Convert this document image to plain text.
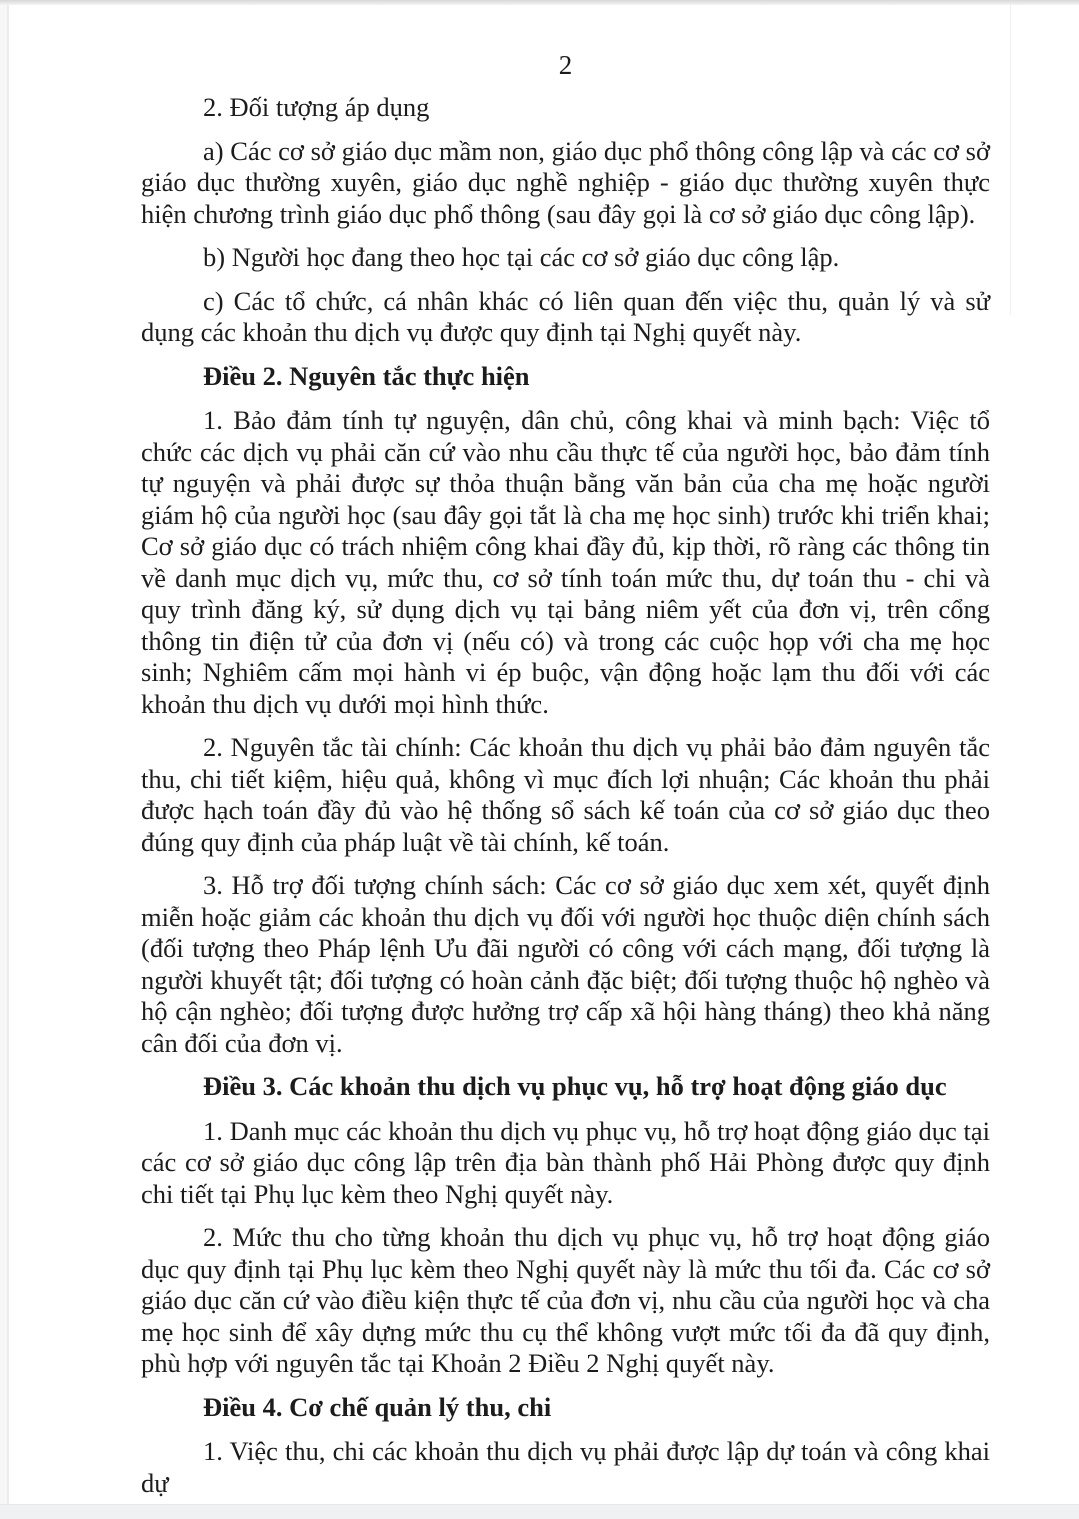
2

2. Đối tượng áp dụng

a) Các cơ sở giáo dục mầm non, giáo dục phổ thông công lập và các cơ sở giáo dục thường xuyên, giáo dục nghề nghiệp - giáo dục thường xuyên thực hiện chương trình giáo dục phổ thông (sau đây gọi là cơ sở giáo dục công lập).

b) Người học đang theo học tại các cơ sở giáo dục công lập.

c) Các tổ chức, cá nhân khác có liên quan đến việc thu, quản lý và sử dụng các khoản thu dịch vụ được quy định tại Nghị quyết này.

Điều 2. Nguyên tắc thực hiện

1. Bảo đảm tính tự nguyện, dân chủ, công khai và minh bạch: Việc tổ chức các dịch vụ phải căn cứ vào nhu cầu thực tế của người học, bảo đảm tính tự nguyện và phải được sự thỏa thuận bằng văn bản của cha mẹ hoặc người giám hộ của người học (sau đây gọi tắt là cha mẹ học sinh) trước khi triển khai; Cơ sở giáo dục có trách nhiệm công khai đầy đủ, kịp thời, rõ ràng các thông tin về danh mục dịch vụ, mức thu, cơ sở tính toán mức thu, dự toán thu - chi và quy trình đăng ký, sử dụng dịch vụ tại bảng niêm yết của đơn vị, trên cổng thông tin điện tử của đơn vị (nếu có) và trong các cuộc họp với cha mẹ học sinh; Nghiêm cấm mọi hành vi ép buộc, vận động hoặc lạm thu đối với các khoản thu dịch vụ dưới mọi hình thức.

2. Nguyên tắc tài chính: Các khoản thu dịch vụ phải bảo đảm nguyên tắc thu, chi tiết kiệm, hiệu quả, không vì mục đích lợi nhuận; Các khoản thu phải được hạch toán đầy đủ vào hệ thống sổ sách kế toán của cơ sở giáo dục theo đúng quy định của pháp luật về tài chính, kế toán.

3. Hỗ trợ đối tượng chính sách: Các cơ sở giáo dục xem xét, quyết định miễn hoặc giảm các khoản thu dịch vụ đối với người học thuộc diện chính sách (đối tượng theo Pháp lệnh Ưu đãi người có công với cách mạng, đối tượng là người khuyết tật; đối tượng có hoàn cảnh đặc biệt; đối tượng thuộc hộ nghèo và hộ cận nghèo; đối tượng được hưởng trợ cấp xã hội hàng tháng) theo khả năng cân đối của đơn vị.

Điều 3. Các khoản thu dịch vụ phục vụ, hỗ trợ hoạt động giáo dục

1. Danh mục các khoản thu dịch vụ phục vụ, hỗ trợ hoạt động giáo dục tại các cơ sở giáo dục công lập trên địa bàn thành phố Hải Phòng được quy định chi tiết tại Phụ lục kèm theo Nghị quyết này.

2. Mức thu cho từng khoản thu dịch vụ phục vụ, hỗ trợ hoạt động giáo dục quy định tại Phụ lục kèm theo Nghị quyết này là mức thu tối đa. Các cơ sở giáo dục căn cứ vào điều kiện thực tế của đơn vị, nhu cầu của người học và cha mẹ học sinh để xây dựng mức thu cụ thể không vượt mức tối đa đã quy định, phù hợp với nguyên tắc tại Khoản 2 Điều 2 Nghị quyết này.

Điều 4. Cơ chế quản lý thu, chi

1. Việc thu, chi các khoản thu dịch vụ phải được lập dự toán và công khai dự
